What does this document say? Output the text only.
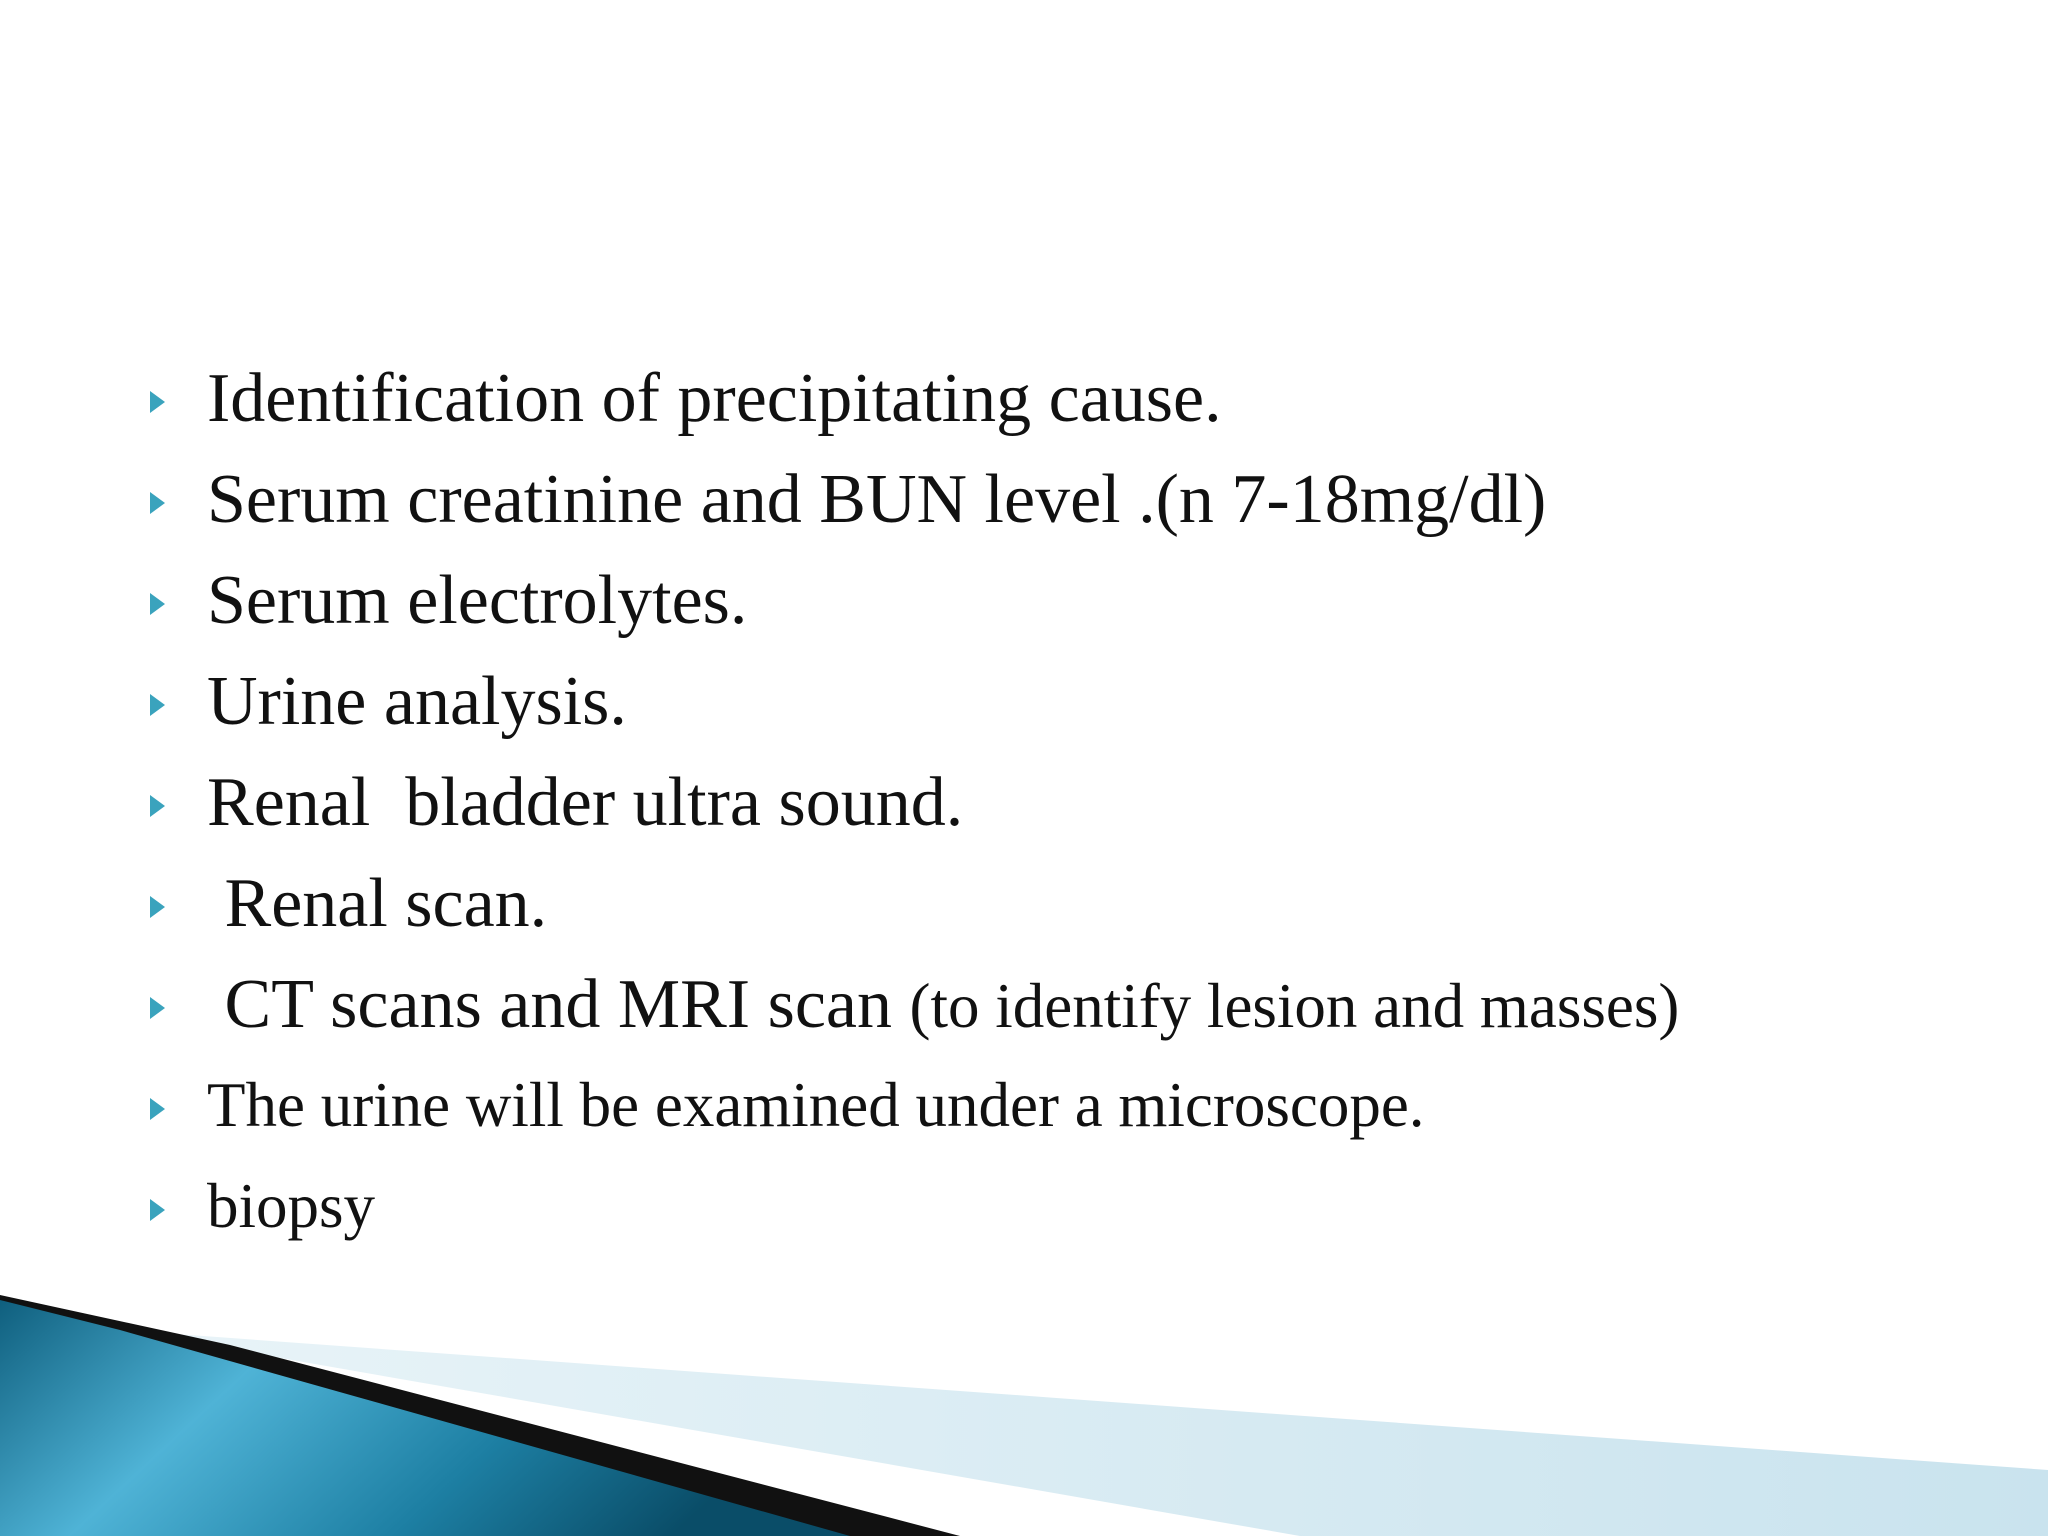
Identification of precipitating cause.
Serum creatinine and BUN level .(n 7-18mg/dl)
Serum electrolytes.
Urine analysis.
Renal  bladder ultra sound.
Renal scan.
CT scans and MRI scan (to identify lesion and masses)
The urine will be examined under a microscope.
biopsy
